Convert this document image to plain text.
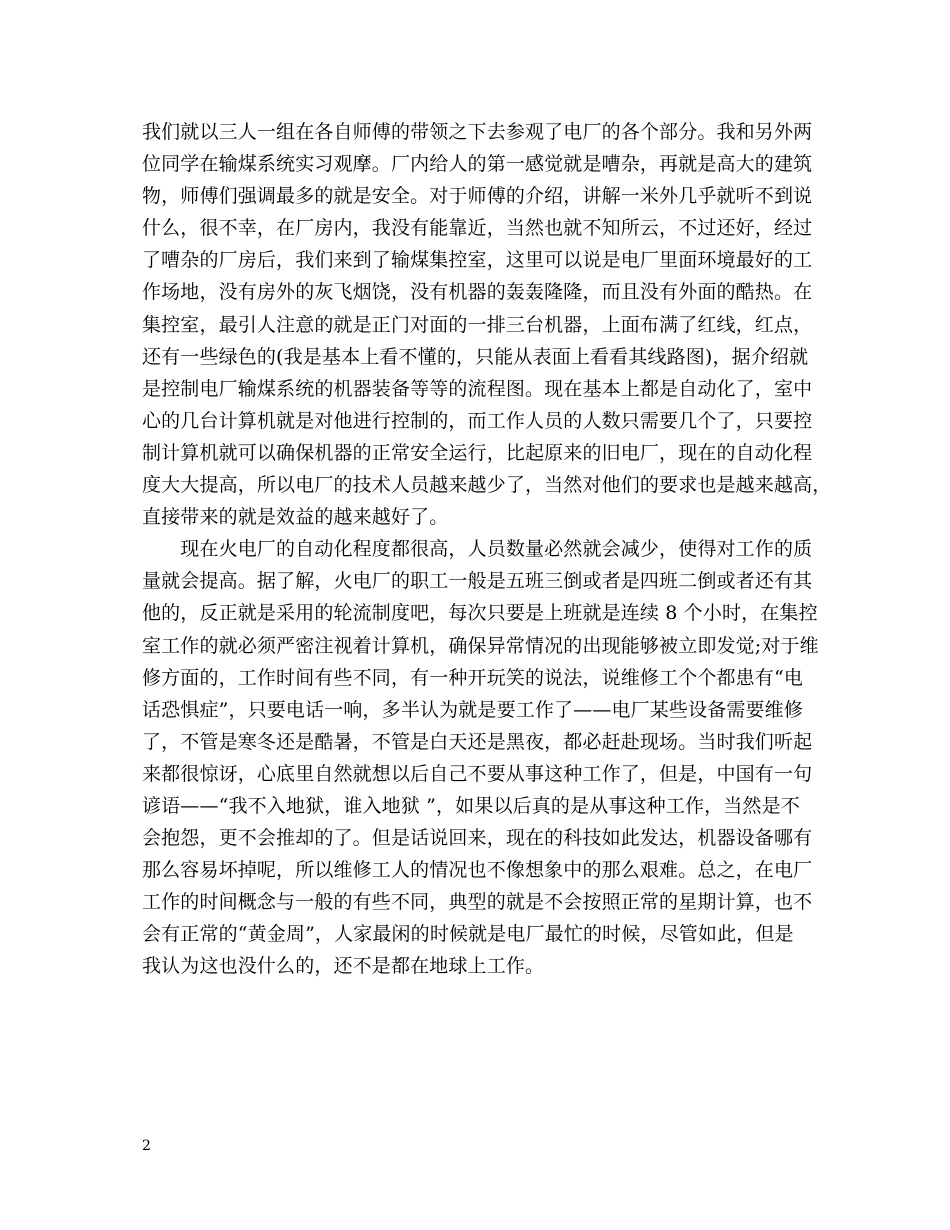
我们就以三人一组在各自师傅的带领之下去参观了电厂的各个部分。我和另外两
位同学在输煤系统实习观摩。厂内给人的第一感觉就是嘈杂，再就是高大的建筑
物，师傅们强调最多的就是安全。对于师傅的介绍，讲解一米外几乎就听不到说
什么，很不幸，在厂房内，我没有能靠近，当然也就不知所云，不过还好，经过
了嘈杂的厂房后，我们来到了输煤集控室，这里可以说是电厂里面环境最好的工
作场地，没有房外的灰飞烟饶，没有机器的轰轰隆隆，而且没有外面的酷热。在
集控室，最引人注意的就是正门对面的一排三台机器，上面布满了红线，红点，
还有一些绿色的(我是基本上看不懂的，只能从表面上看看其线路图)，据介绍就
是控制电厂输煤系统的机器装备等等的流程图。现在基本上都是自动化了，室中
心的几台计算机就是对他进行控制的，而工作人员的人数只需要几个了，只要控
制计算机就可以确保机器的正常安全运行，比起原来的旧电厂，现在的自动化程
度大大提高，所以电厂的技术人员越来越少了，当然对他们的要求也是越来越高，
直接带来的就是效益的越来越好了。
　　现在火电厂的自动化程度都很高，人员数量必然就会减少，使得对工作的质
量就会提高。据了解，火电厂的职工一般是五班三倒或者是四班二倒或者还有其
他的，反正就是采用的轮流制度吧，每次只要是上班就是连续 8 个小时，在集控
室工作的就必须严密注视着计算机，确保异常情况的出现能够被立即发觉;对于维
修方面的，工作时间有些不同，有一种开玩笑的说法，说维修工个个都患有“电
话恐惧症”，只要电话一响，多半认为就是要工作了——电厂某些设备需要维修
了，不管是寒冬还是酷暑，不管是白天还是黑夜，都必赶赴现场。当时我们听起
来都很惊讶，心底里自然就想以后自己不要从事这种工作了，但是，中国有一句
谚语——“我不入地狱，谁入地狱 ”，如果以后真的是从事这种工作，当然是不
会抱怨，更不会推却的了。但是话说回来，现在的科技如此发达，机器设备哪有
那么容易坏掉呢，所以维修工人的情况也不像想象中的那么艰难。总之，在电厂
工作的时间概念与一般的有些不同，典型的就是不会按照正常的星期计算，也不
会有正常的“黄金周”，人家最闲的时候就是电厂最忙的时候，尽管如此，但是
我认为这也没什么的，还不是都在地球上工作。
2
